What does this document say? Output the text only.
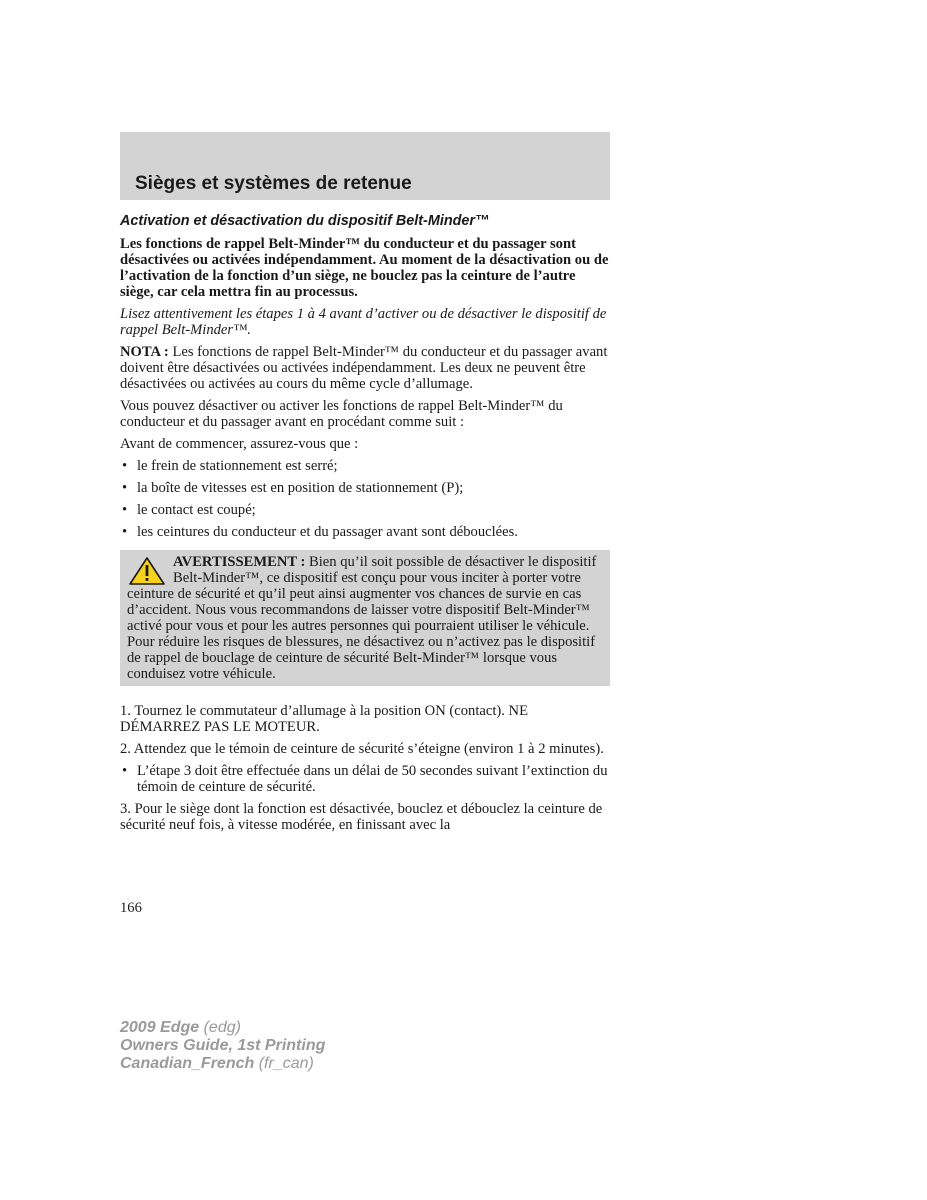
Sièges et systèmes de retenue
Activation et désactivation du dispositif Belt-Minder™

Les fonctions de rappel Belt-Minder™ du conducteur et du passager sont désactivées ou activées indépendamment. Au moment de la désactivation ou de l’activation de la fonction d’un siège, ne bouclez pas la ceinture de l’autre siège, car cela mettra fin au processus.

Lisez attentivement les étapes 1 à 4 avant d’activer ou de désactiver le dispositif de rappel Belt-Minder™.

NOTA : Les fonctions de rappel Belt-Minder™ du conducteur et du passager avant doivent être désactivées ou activées indépendamment. Les deux ne peuvent être désactivées ou activées au cours du même cycle d’allumage.

Vous pouvez désactiver ou activer les fonctions de rappel Belt-Minder™ du conducteur et du passager avant en procédant comme suit :

Avant de commencer, assurez-vous que :

• le frein de stationnement est serré;
• la boîte de vitesses est en position de stationnement (P);
• le contact est coupé;
• les ceintures du conducteur et du passager avant sont débouclées.
AVERTISSEMENT : Bien qu’il soit possible de désactiver le dispositif Belt-Minder™, ce dispositif est conçu pour vous inciter à porter votre ceinture de sécurité et qu’il peut ainsi augmenter vos chances de survie en cas d’accident. Nous vous recommandons de laisser votre dispositif Belt-Minder™ activé pour vous et pour les autres personnes qui pourraient utiliser le véhicule. Pour réduire les risques de blessures, ne désactivez ou n’activez pas le dispositif de rappel de bouclage de ceinture de sécurité Belt-Minder™ lorsque vous conduisez votre véhicule.

1. Tournez le commutateur d’allumage à la position ON (contact). NE DÉMARREZ PAS LE MOTEUR.

2. Attendez que le témoin de ceinture de sécurité s’éteigne (environ 1 à 2 minutes).

• L’étape 3 doit être effectuée dans un délai de 50 secondes suivant l’extinction du témoin de ceinture de sécurité.

3. Pour le siège dont la fonction est désactivée, bouclez et débouclez la ceinture de sécurité neuf fois, à vitesse modérée, en finissant avec la

166
2009 Edge (edg)
Owners Guide, 1st Printing
Canadian_French (fr_can)
